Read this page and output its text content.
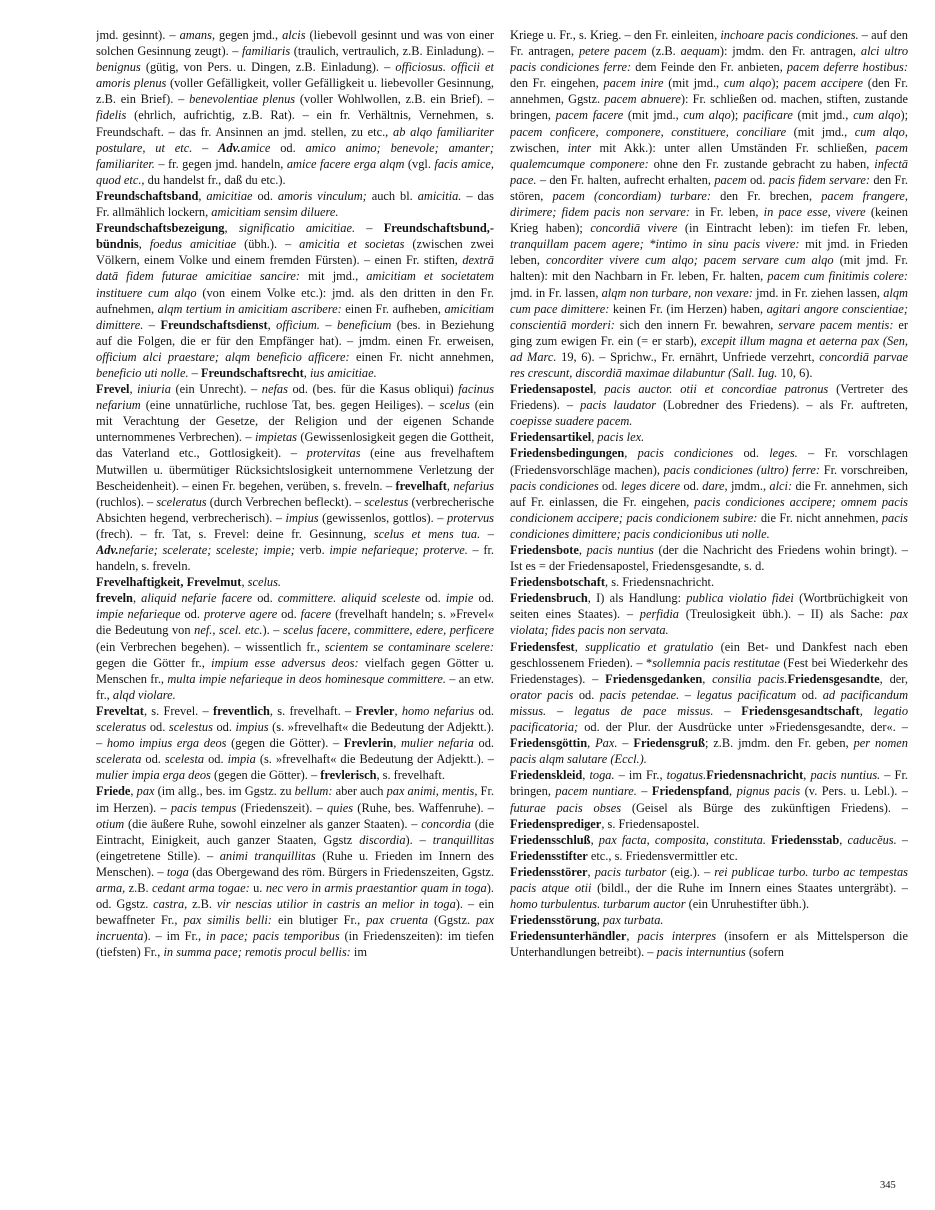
jmd. gesinnt). – amans, gegen jmd., alcis (liebevoll gesinnt und was von einer solchen Gesinnung zeugt). – familiaris (traulich, vertraulich, z.B. Einladung). – benignus (gütig, von Pers. u. Dingen, z.B. Einladung). – officiosus. officii et amoris plenus (voller Gefälligkeit, voller Gefälligkeit u. liebevoller Gesinnung, z.B. ein Brief). – benevolentiae plenus (voller Wohlwollen, z.B. ein Brief). – fidelis (ehrlich, aufrichtig, z.B. Rat). – ein fr. Verhältnis, Vernehmen, s. Freundschaft. – das fr. Ansinnen an jmd. stellen, zu etc., ab alqo familiariter postulare, ut etc. – Adv.amice od. amico animo; benevole; amanter; familiariter. – fr. gegen jmd. handeln, amice facere erga alqm (vgl. facis amice, quod etc., du handelst fr., daß du etc.).
Freundschaftsband, amicitiae od. amoris vinculum; auch bl. amicitia. – das Fr. allmählich lockern, amicitiam sensim diluere.
Freundschaftsbezeigung, significatio amicitiae. – Freundschaftsbund,-bündnis, foedus amicitiae (übh.). – amicitia et societas (zwischen zwei Völkern, einem Volke und einem fremden Fürsten). – einen Fr. stiften, dextrā datā fidem futurae amicitiae sancire: mit jmd., amicitiam et societatem instituere cum alqo (von einem Volke etc.): jmd. als den dritten in den Fr. aufnehmen, alqm tertium in amicitiam ascribere: einen Fr. aufheben, amicitiam dimittere. – Freundschaftsdienst, officium. – beneficium (bes. in Beziehung auf die Folgen, die er für den Empfänger hat). – jmdm. einen Fr. erweisen, officium alci praestare; alqm beneficio afficere: einen Fr. nicht annehmen, beneficio uti nolle. – Freundschaftsrecht, ius amicitiae.
Frevel, iniuria (ein Unrecht). – nefas od. (bes. für die Kasus obliqui) facinus nefarium (eine unnatürliche, ruchlose Tat, bes. gegen Heiliges). – scelus (ein mit Verachtung der Gesetze, der Religion und der eigenen Schande unternommenes Verbrechen). – impietas (Gewissenlosigkeit gegen die Gottheit, das Vaterland etc., Gottlosigkeit). – protervitas (eine aus frevelhaftem Mutwillen u. übermütiger Rücksichtslosigkeit unternommene Verletzung der Bescheidenheit). – einen Fr. begehen, verüben, s. freveln. – frevelhaft, nefarius (ruchlos). – sceleratus (durch Verbrechen befleckt). – scelestus (verbrecherische Absichten hegend, verbrecherisch). – impius (gewissenlos, gottlos). – protervus (frech). – fr. Tat, s. Frevel: deine fr. Gesinnung, scelus et mens tua. – Adv.nefarie; scelerate; sceleste; impie; verb. impie nefarieque; proterve. – fr. handeln, s. freveln.
Frevelhaftigkeit, Frevelmut, scelus.
freveln, aliquid nefarie facere od. committere. aliquid sceleste od. impie od. impie nefarieque od. proterve agere od. facere (frevelhaft handeln; s. »Frevel« die Bedeutung von nef., scel. etc.). – scelus facere, committere, edere, perficere (ein Verbrechen begehen). – wissentlich fr., scientem se contaminare scelere: gegen die Götter fr., impium esse adversus deos: vielfach gegen Götter u. Menschen fr., multa impie nefarieque in deos hominesque committere. – an etw. fr., alqd violare.
Freveltat, s. Frevel. – freventlich, s. frevelhaft. – Frevler, homo nefarius od. sceleratus od. scelestus od. impius (s. »frevelhaft« die Bedeutung der Adjektt.). – homo impius erga deos (gegen die Götter). – Frevlerin, mulier nefaria od. scelerata od. scelesta od. impia (s. »frevelhaft« die Bedeutung der Adjektt.). – mulier impia erga deos (gegen die Götter). – frevlerisch, s. frevelhaft.
Friede, pax (im allg., bes. im Ggstz. zu bellum: aber auch pax animi, mentis, Fr. im Herzen). – pacis tempus (Friedenszeit). – quies (Ruhe, bes. Waffenruhe). – otium (die äußere Ruhe, sowohl einzelner als ganzer Staaten). – concordia (die Eintracht, Einigkeit, auch ganzer Staaten, Ggstz discordia). – tranquillitas (eingetretene Stille). – animi tranquillitas (Ruhe u. Frieden im Innern des Menschen). – toga (das Obergewand des röm. Bürgers in Friedenszeiten, Ggstz. arma, z.B. cedant arma togae: u. nec vero in armis praestantior quam in toga). od. Ggstz. castra, z.B. vir nescias utilior in castris an melior in toga). – ein bewaffneter Fr., pax similis belli: ein blutiger Fr., pax cruenta (Ggstz. pax incruenta). – im Fr., in pace; pacis temporibus (in Friedenszeiten): im tiefen (tiefsten) Fr., in summa pace; remotis procul bellis: im
Kriege u. Fr., s. Krieg. – den Fr. einleiten, inchoare pacis condiciones. – auf den Fr. antragen, petere pacem (z.B. aequam): jmdm. den Fr. antragen, alci ultro pacis condiciones ferre: dem Feinde den Fr. anbieten, pacem deferre hostibus: den Fr. eingehen, pacem inire (mit jmd., cum alqo); pacem accipere (den Fr. annehmen, Ggstz. pacem abnuere): Fr. schließen od. machen, stiften, zustande bringen, pacem facere (mit jmd., cum alqo); pacificare (mit jmd., cum alqo); pacem conficere, componere, constituere, conciliare (mit jmd., cum alqo, zwischen, inter mit Akk.): unter allen Umständen Fr. schließen, pacem qualemcumque componere: ohne den Fr. zustande gebracht zu haben, infectā pace. – den Fr. halten, aufrecht erhalten, pacem od. pacis fidem servare: den Fr. stören, pacem (concordiam) turbare: den Fr. brechen, pacem frangere, dirimere; fidem pacis non servare: in Fr. leben, in pace esse, vivere (keinen Krieg haben); concordiā vivere (in Eintracht leben): im tiefen Fr. leben, tranquillam pacem agere; *intimo in sinu pacis vivere: mit jmd. in Frieden leben, concorditer vivere cum alqo; pacem servare cum alqo (mit jmd. Fr. halten): mit den Nachbarn in Fr. leben, Fr. halten, pacem cum finitimis colere: jmd. in Fr. lassen, alqm non turbare, non vexare: jmd. in Fr. ziehen lassen, alqm cum pace dimittere: keinen Fr. (im Herzen) haben, agitari angore conscientiae; conscientiā morderi: sich den innern Fr. bewahren, servare pacem mentis: er ging zum ewigen Fr. ein (= er starb), excepit illum magna et aeterna pax (Sen, ad Marc. 19, 6). – Sprichw., Fr. ernährt, Unfriede verzehrt, concordiā parvae res crescunt, discordiā maximae dilabuntur (Sall. Iug. 10, 6).
Friedensapostel, pacis auctor. otii et concordiae patronus (Vertreter des Friedens). – pacis laudator (Lobredner des Friedens). – als Fr. auftreten, coepisse suadere pacem.
Friedensartikel, pacis lex.
Friedensbedingungen, pacis condiciones od. leges. – Fr. vorschlagen (Friedensvorschläge machen), pacis condiciones (ultro) ferre: Fr. vorschreiben, pacis condiciones od. leges dicere od. dare, jmdm., alci: die Fr. annehmen, sich auf Fr. einlassen, die Fr. eingehen, pacis condiciones accipere; omnem pacis condicionem accipere; pacis condicionem subire: die Fr. nicht annehmen, pacis condiciones dimittere; pacis condicionibus uti nolle.
Friedensbote, pacis nuntius (der die Nachricht des Friedens wohin bringt). – Ist es = der Friedensapostel, Friedensgesandte, s. d.
Friedensbotschaft, s. Friedensnachricht.
Friedensbruch, I) als Handlung: publica violatio fidei (Wortbrüchigkeit von seiten eines Staates). – perfidia (Treulosigkeit übh.). – II) als Sache: pax violata; fides pacis non servata.
Friedensfest, supplicatio et gratulatio (ein Bet- und Dankfest nach eben geschlossenem Frieden). – *sollemnia pacis restitutae (Fest bei Wiederkehr des Friedenstages). – Friedensgedanken, consilia pacis.Friedensgesandte, der, orator pacis od. pacis petendae. – legatus pacificatum od. ad pacificandum missus. – legatus de pace missus. – Friedensgesandtschaft, legatio pacificatoria; od. der Plur. der Ausdrücke unter »Friedensgesandte, der«. – Friedensgöttin, Pax. – Friedensgruß; z.B. jmdm. den Fr. geben, per nomen pacis alqm salutare (Eccl.).
Friedenskleid, toga. – im Fr., togatus.Friedensnachricht, pacis nuntius. – Fr. bringen, pacem nuntiare. – Friedenspfand, pignus pacis (v. Pers. u. Lebl.). – futurae pacis obses (Geisel als Bürge des zukünftigen Friedens). – Friedensprediger, s. Friedensapostel.
Friedensschluß, pax facta, composita, constituta. Friedensstab, caducĕus. – Friedensstifter etc., s. Friedensvermittler etc.
Friedensstörer, pacis turbator (eig.). – rei publicae turbo. turbo ac tempestas pacis atque otii (bildl., der die Ruhe im Innern eines Staates untergräbt). – homo turbulentus. turbarum auctor (ein Unruhestifter übh.).
Friedensstörung, pax turbata.
Friedensunterhändler, pacis interpres (insofern er als Mittelsperson die Unterhandlungen betreibt). – pacis internuntius (sofern
345
